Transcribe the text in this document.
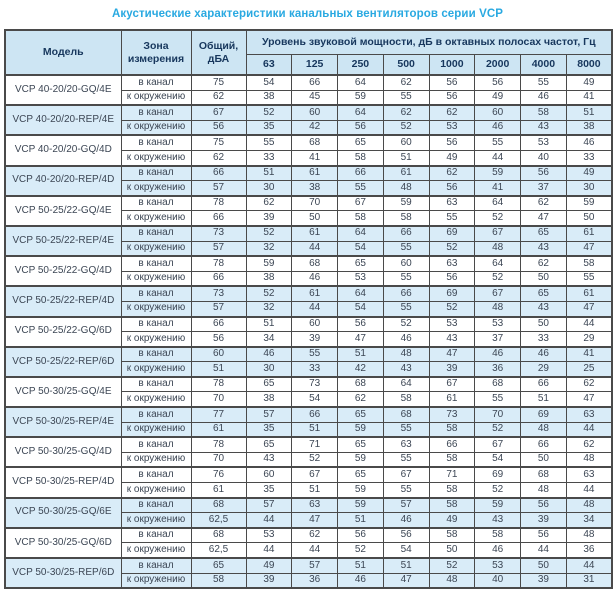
Акустические характеристики канальных вентиляторов серии VCP
Модель	Зона измерения	Общий, дБА	Уровень звуковой мощности, дБ в октавных полосах частот, Гц							
			63	125	250	500	1000	2000	4000	8000
VCP 40-20/20-GQ/4E	в канал	75	54	66	64	62	56	56	55	49
	к окружению	62	38	45	59	55	56	49	46	41
VCP 40-20/20-REP/4E	в канал	67	52	60	64	62	62	60	58	51
	к окружению	56	35	42	56	52	53	46	43	38
VCP 40-20/20-GQ/4D	в канал	75	55	68	65	60	56	55	53	46
	к окружению	62	33	41	58	51	49	44	40	33
VCP 40-20/20-REP/4D	в канал	66	51	61	66	61	62	59	56	49
	к окружению	57	30	38	55	48	56	41	37	30
VCP 50-25/22-GQ/4E	в канал	78	62	70	67	59	63	64	62	59
	к окружению	66	39	50	58	58	55	52	47	50
VCP 50-25/22-REP/4E	в канал	73	52	61	64	66	69	67	65	61
	к окружению	57	32	44	54	55	52	48	43	47
VCP 50-25/22-GQ/4D	в канал	78	59	68	65	60	63	64	62	58
	к окружению	66	38	46	53	55	56	52	50	55
VCP 50-25/22-REP/4D	в канал	73	52	61	64	66	69	67	65	61
	к окружению	57	32	44	54	55	52	48	43	47
VCP 50-25/22-GQ/6D	в канал	66	51	60	56	52	53	53	50	44
	к окружению	56	34	39	47	46	43	37	33	29
VCP 50-25/22-REP/6D	в канал	60	46	55	51	48	47	46	46	41
	к окружению	51	30	33	42	43	39	36	29	25
VCP 50-30/25-GQ/4E	в канал	78	65	73	68	64	67	68	66	62
	к окружению	70	38	54	62	58	61	55	51	47
VCP 50-30/25-REP/4E	в канал	77	57	66	65	68	73	70	69	63
	к окружению	61	35	51	59	55	58	52	48	44
VCP 50-30/25-GQ/4D	в канал	78	65	71	65	63	66	67	66	62
	к окружению	70	43	52	59	55	58	54	50	48
VCP 50-30/25-REP/4D	в канал	76	60	67	65	67	71	69	68	63
	к окружению	61	35	51	59	55	58	52	48	44
VCP 50-30/25-GQ/6E	в канал	68	57	63	59	57	58	59	56	48
	к окружению	62,5	44	47	51	46	49	43	39	34
VCP 50-30/25-GQ/6D	в канал	68	53	62	56	56	58	58	56	48
	к окружению	62,5	44	44	52	54	50	46	44	36
VCP 50-30/25-REP/6D	в канал	65	49	57	51	51	52	53	50	44
	к окружению	58	39	36	46	47	48	40	39	31
